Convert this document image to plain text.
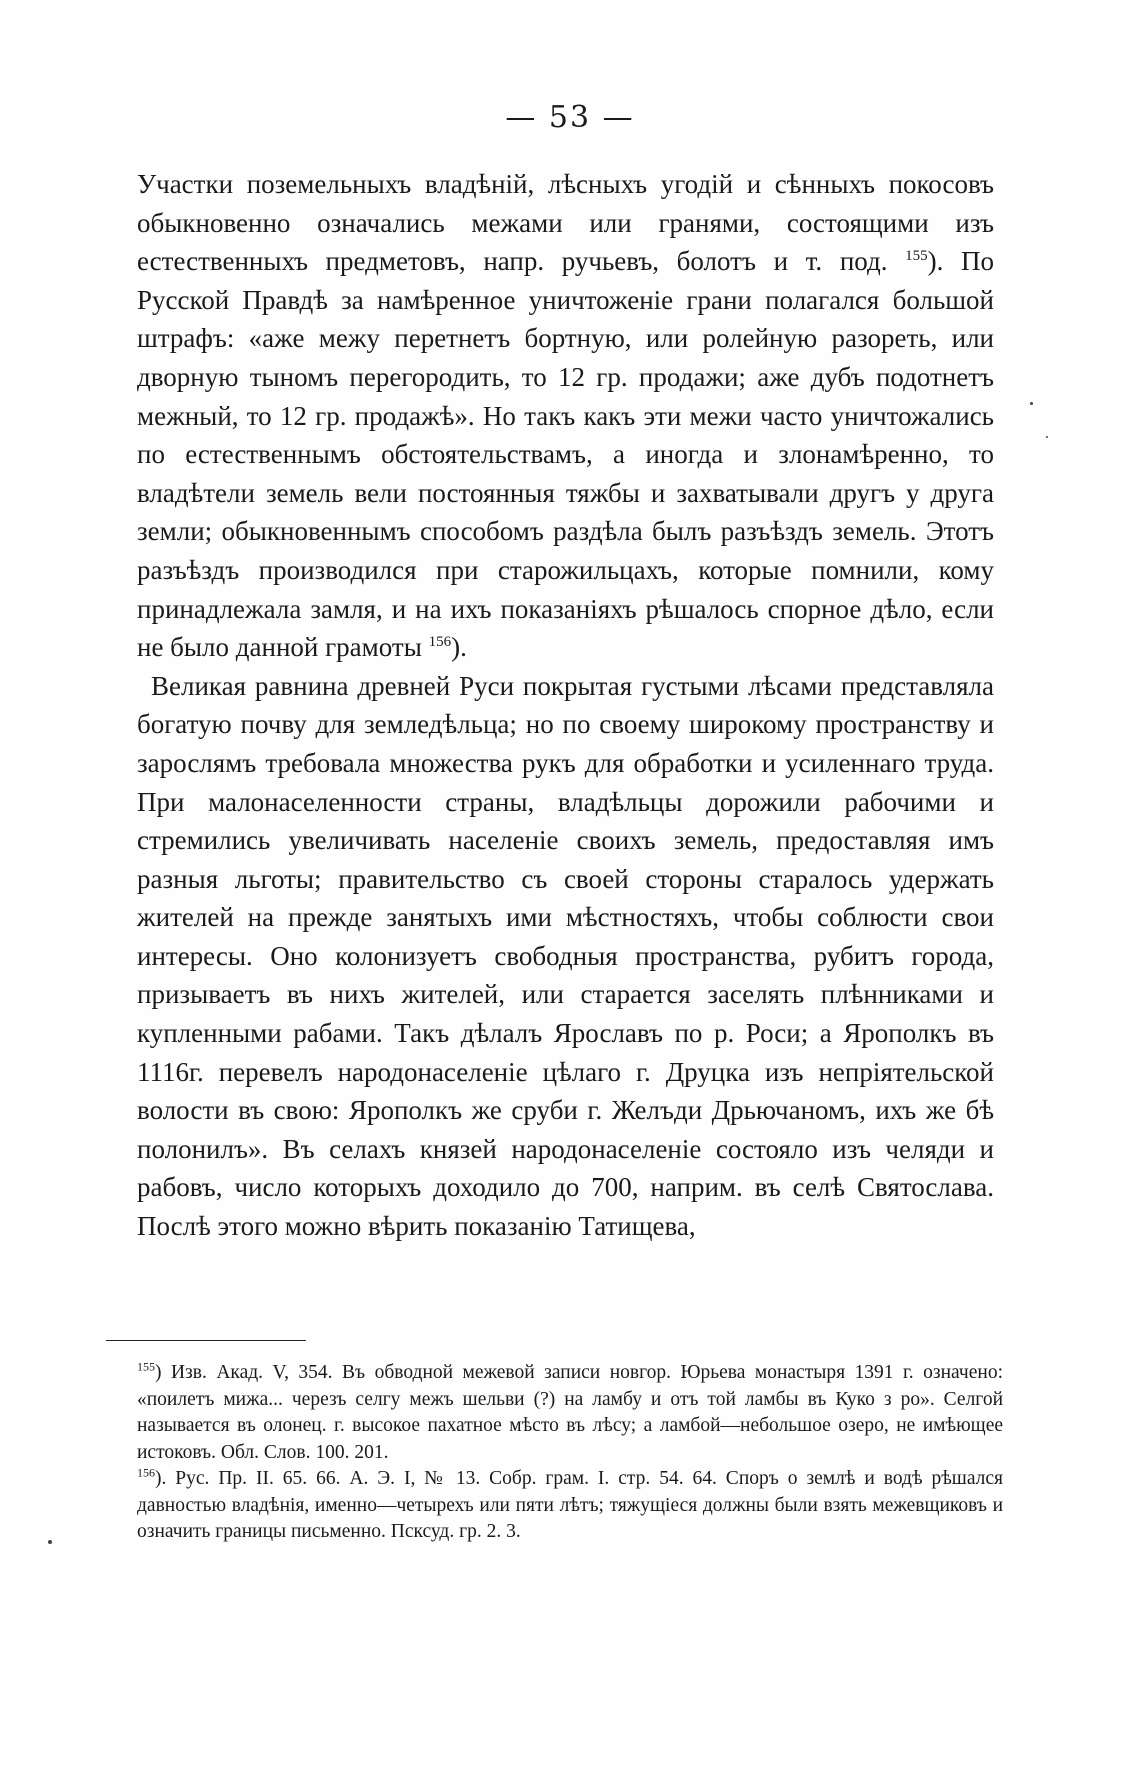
— 53 —

Участки поземельныхъ владѣній, лѣсныхъ угодій и сѣнныхъ покосовъ обыкновенно означались межами или гранями, состоящими изъ естественныхъ предметовъ, напр. ручьевъ, болотъ и т. под. $^{155}$). По Русской Правдѣ за намѣренное уничтоженіе грани полагался большой штрафъ: «аже межу перетнетъ бортную, или ролейную разореть, или дворную тыномъ перегородить, то 12 гр. продажи; аже дубъ подотнетъ межный, то 12 гр. продажѣ». Но такъ какъ эти межи часто уничтожались по естественнымъ обстоятельствамъ, а иногда и злонамѣренно, то владѣтели земель вели постоянныя тяжбы и захватывали другъ у друга земли; обыкновеннымъ способомъ раздѣла былъ разъѣздъ земель. Этотъ разъѣздъ производился при старожильцахъ, которые помнили, кому принадлежала замля, и на ихъ показаніяхъ рѣшалось спорное дѣло, если не было данной грамоты $^{156}$).

Великая равнина древней Руси покрытая густыми лѣсами представляла богатую почву для земледѣльца; но по своему широкому пространству и зарослямъ требовала множества рукъ для обработки и усиленнаго труда. При малонаселенности страны, владѣльцы дорожили рабочими и стремились увеличивать населеніе своихъ земель, предоставляя имъ разныя льготы; правительство съ своей стороны старалось удержать жителей на прежде занятыхъ ими мѣстностяхъ, чтобы соблюсти свои интересы. Оно колонизуетъ свободныя пространства, рубитъ города, призываетъ въ нихъ жителей, или старается заселять плѣнниками и купленными рабами. Такъ дѣлалъ Ярославъ по р. Роси; а Ярополкъ въ 1116г. перевелъ народонаселеніе цѣлаго г. Друцка изъ непріятельской волости въ свою: Ярополкъ же сруби г. Желъди Дрьючаномъ, ихъ же бѣ полонилъ». Въ селахъ князей народонаселеніе состояло изъ челяди и рабовъ, число которыхъ доходило до 700, наприм. въ селѣ Святослава. Послѣ этого можно вѣрить показанію Татищева,

$^{155}$) Изв. Акад. V, 354. Въ обводной межевой записи новгор. Юрьева монастыря 1391 г. означено: «поилетъ мижа... черезъ селгу межъ шельви (?) на ламбу и отъ той ламбы въ Куко з ро». Селгой называется въ олонец. г. высокое пахатное мѣсто въ лѣсу; а ламбой—небольшое озеро, не имѣющее истоковъ. Обл. Слов. 100. 201.

$^{156}$). Рус. Пр. II. 65. 66. А. Э. I, № 13. Собр. грам. I. стр. 54. 64. Споръ о землѣ и водѣ рѣшался давностью владѣнія, именно—четырехъ или пяти лѣтъ; тяжущіеся должны были взять межевщиковъ и означить границы письменно. Псксуд. гр. 2. 3.
